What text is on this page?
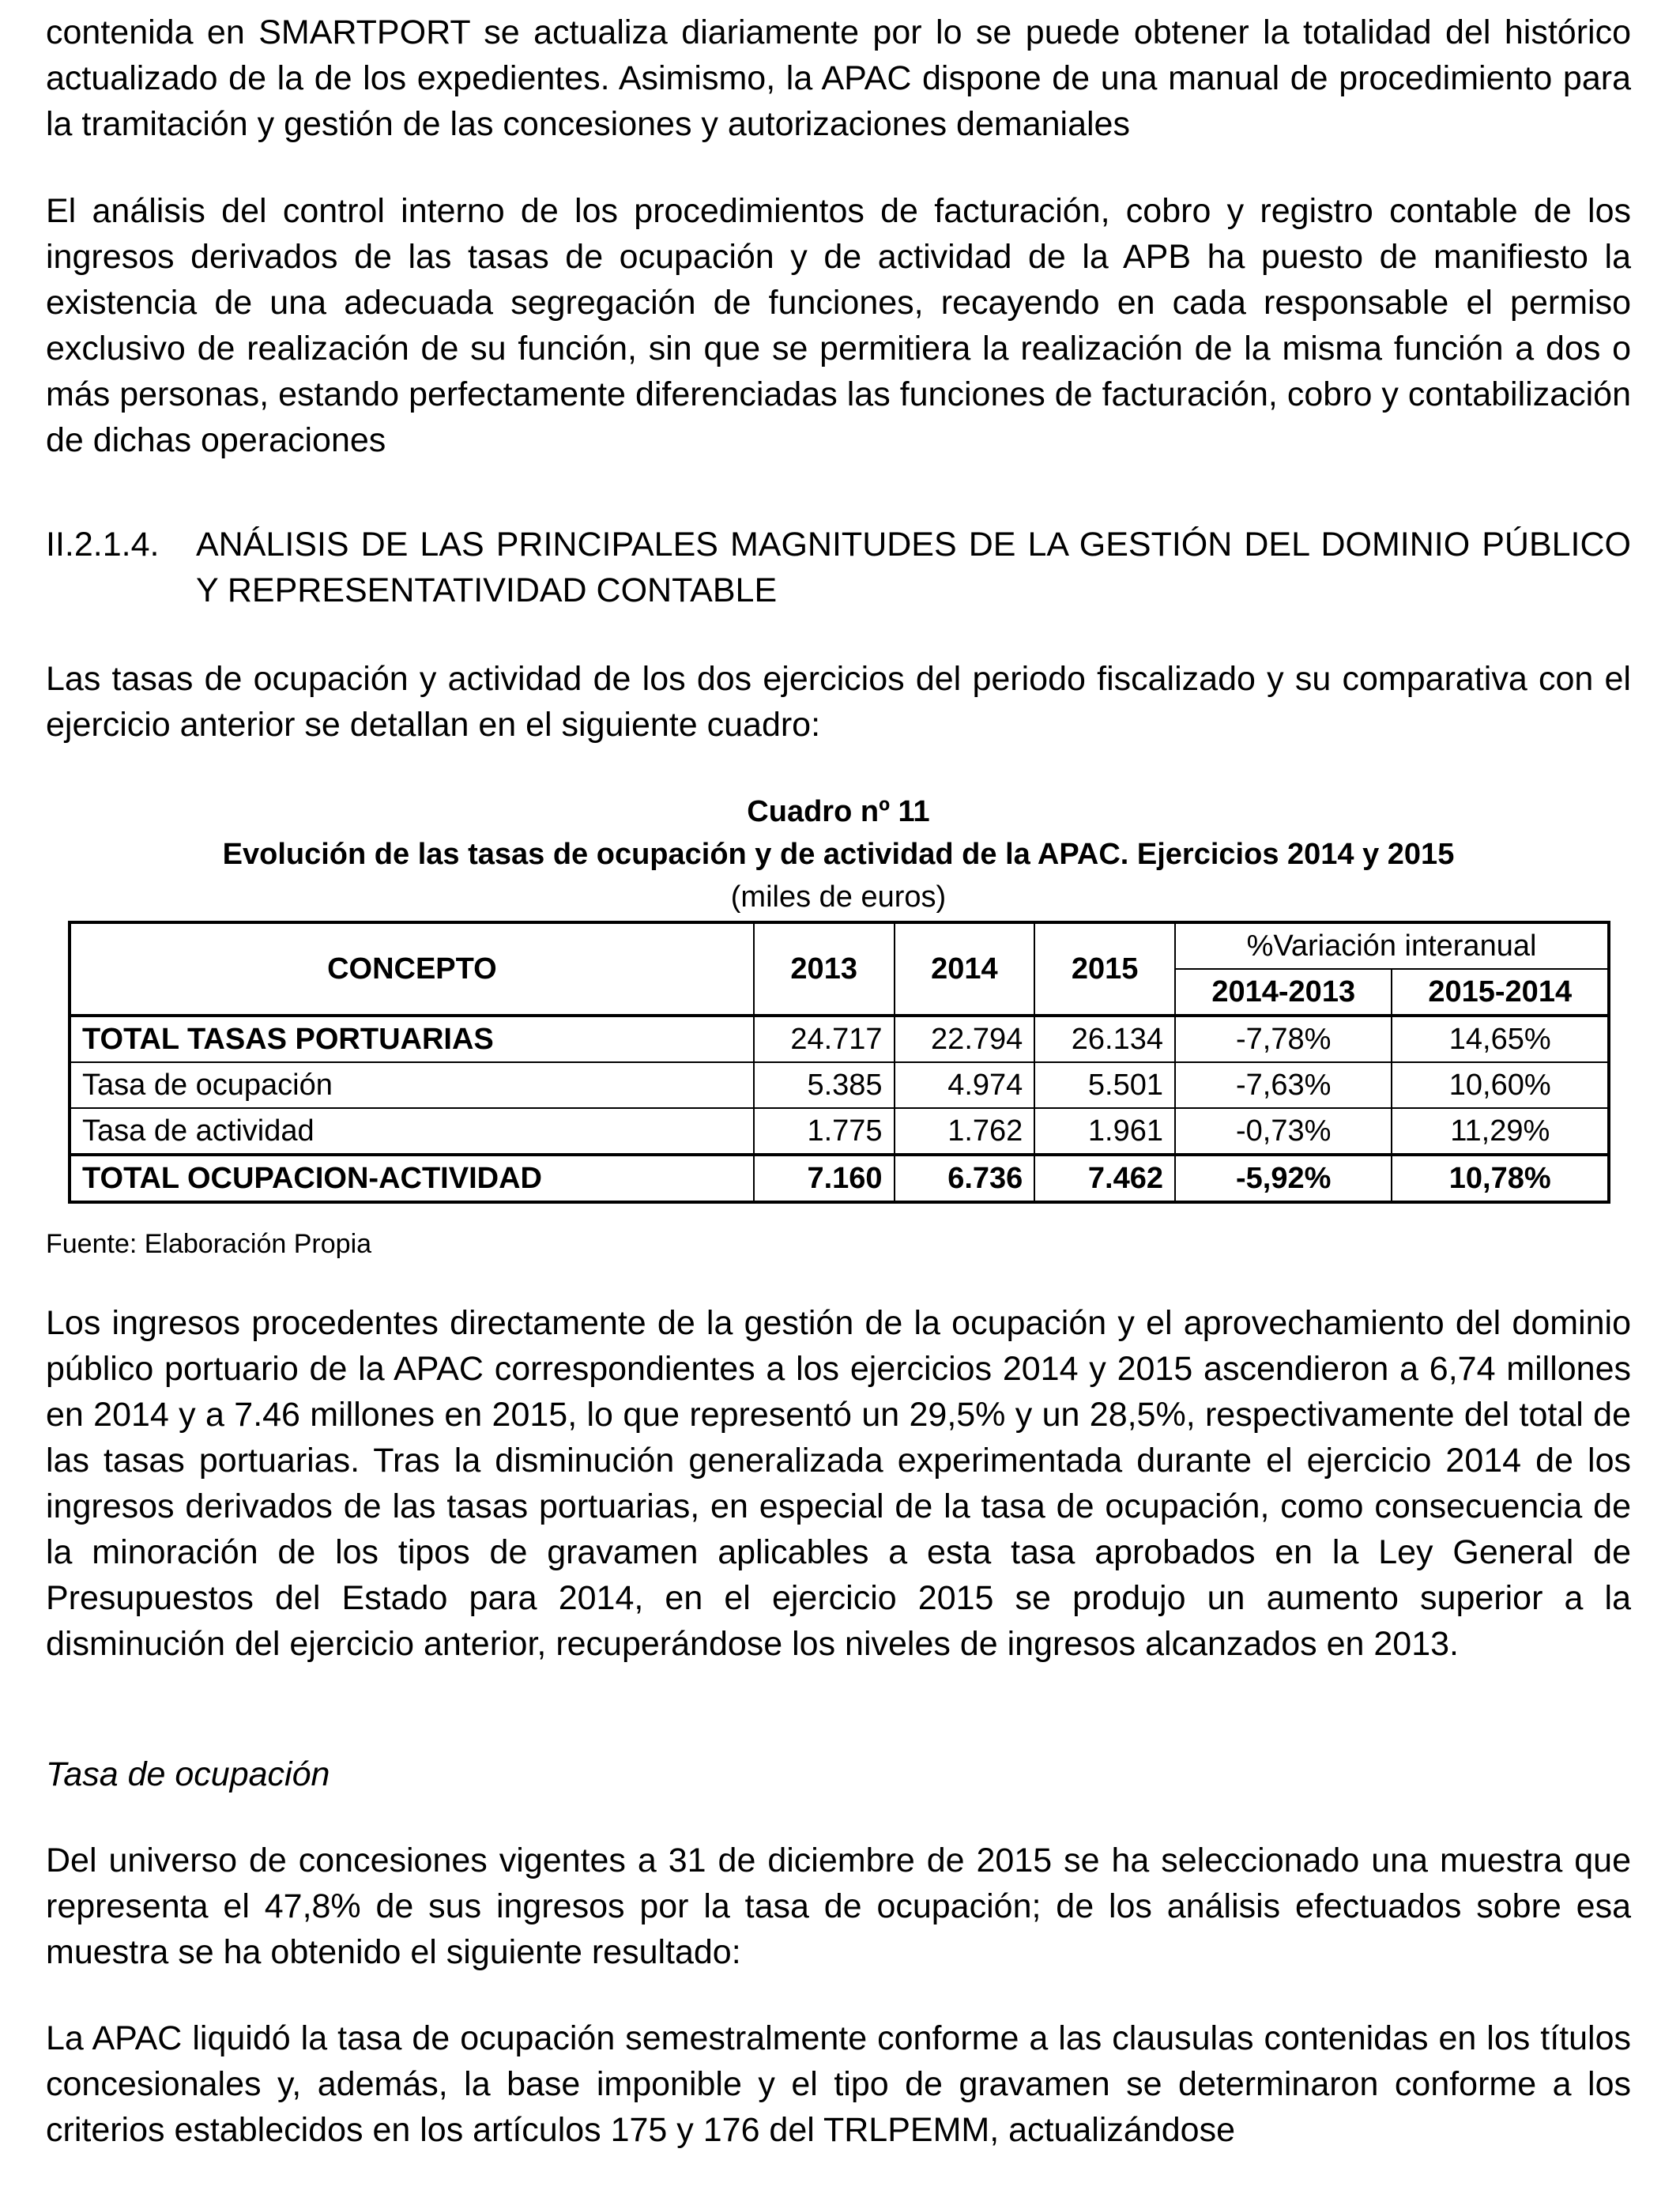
contenida en SMARTPORT se actualiza diariamente por lo se puede obtener la totalidad del histórico actualizado de la de los expedientes. Asimismo, la APAC dispone de una manual de procedimiento para la tramitación y gestión de las concesiones y autorizaciones demaniales

El análisis del control interno de los procedimientos de facturación, cobro y registro contable de los ingresos derivados de las tasas de ocupación y de actividad de la APB ha puesto de manifiesto la existencia de una adecuada segregación de funciones, recayendo en cada responsable el permiso exclusivo de realización de su función, sin que se permitiera la realización de la misma función a dos o más personas, estando perfectamente diferenciadas las funciones de facturación, cobro y contabilización de dichas operaciones

II.2.1.4. ANÁLISIS DE LAS PRINCIPALES MAGNITUDES DE LA GESTIÓN DEL DOMINIO PÚBLICO Y REPRESENTATIVIDAD CONTABLE

Las tasas de ocupación y actividad de los dos ejercicios del periodo fiscalizado y su comparativa con el ejercicio anterior se detallan en el siguiente cuadro:

Cuadro nº 11
Evolución de las tasas de ocupación y de actividad de la APAC. Ejercicios 2014 y 2015
(miles de euros)
CONCEPTO	2013	2014	2015	%Variación interanual	
				2014-2013	2015-2014
TOTAL TASAS PORTUARIAS	24.717	22.794	26.134	-7,78%	14,65%
Tasa de ocupación	5.385	4.974	5.501	-7,63%	10,60%
Tasa de actividad	1.775	1.762	1.961	-0,73%	11,29%
TOTAL OCUPACION-ACTIVIDAD	7.160	6.736	7.462	-5,92%	10,78%
Fuente: Elaboración Propia

Los ingresos procedentes directamente de la gestión de la ocupación y el aprovechamiento del dominio público portuario de la APAC correspondientes a los ejercicios 2014 y 2015 ascendieron a 6,74 millones en 2014 y a 7.46 millones en 2015, lo que representó un 29,5% y un 28,5%, respectivamente del total de las tasas portuarias. Tras la disminución generalizada experimentada durante el ejercicio 2014 de los ingresos derivados de las tasas portuarias, en especial de la tasa de ocupación, como consecuencia de la minoración de los tipos de gravamen aplicables a esta tasa aprobados en la Ley General de Presupuestos del Estado para 2014, en el ejercicio 2015 se produjo un aumento superior a la disminución del ejercicio anterior, recuperándose los niveles de ingresos alcanzados en 2013.

Tasa de ocupación

Del universo de concesiones vigentes a 31 de diciembre de 2015 se ha seleccionado una muestra que representa el 47,8% de sus ingresos por la tasa de ocupación; de los análisis efectuados sobre esa muestra se ha obtenido el siguiente resultado:

La APAC liquidó la tasa de ocupación semestralmente conforme a las clausulas contenidas en los títulos concesionales y, además, la base imponible y el tipo de gravamen se determinaron conforme a los criterios establecidos en los artículos 175 y 176 del TRLPEMM, actualizándose
